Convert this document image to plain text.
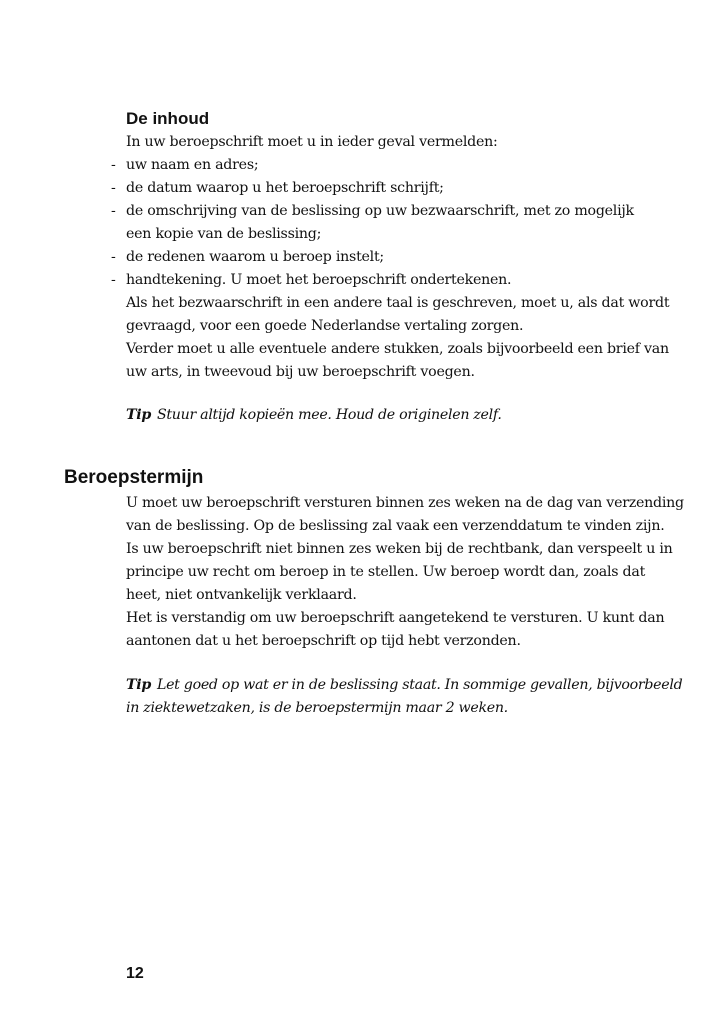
De inhoud
In uw beroepschrift moet u in ieder geval vermelden:
- uw naam en adres;
- de datum waarop u het beroepschrift schrijft;
- de omschrijving van de beslissing op uw bezwaarschrift, met zo mogelijk
een kopie van de beslissing;
- de redenen waarom u beroep instelt;
- handtekening. U moet het beroepschrift ondertekenen.
Als het bezwaarschrift in een andere taal is geschreven, moet u, als dat wordt
gevraagd, voor een goede Nederlandse vertaling zorgen.
Verder moet u alle eventuele andere stukken, zoals bijvoorbeeld een brief van
uw arts, in tweevoud bij uw beroepschrift voegen.
Tip Stuur altijd kopieën mee. Houd de originelen zelf.
Beroepstermijn
U moet uw beroepschrift versturen binnen zes weken na de dag van verzending
van de beslissing. Op de beslissing zal vaak een verzenddatum te vinden zijn.
Is uw beroepschrift niet binnen zes weken bij de rechtbank, dan verspeelt u in
principe uw recht om beroep in te stellen. Uw beroep wordt dan, zoals dat
heet, niet ontvankelijk verklaard.
Het is verstandig om uw beroepschrift aangetekend te versturen. U kunt dan
aantonen dat u het beroepschrift op tijd hebt verzonden.
Tip Let goed op wat er in de beslissing staat. In sommige gevallen, bijvoorbeeld
in ziektewetzaken, is de beroepstermijn maar 2 weken.
12
